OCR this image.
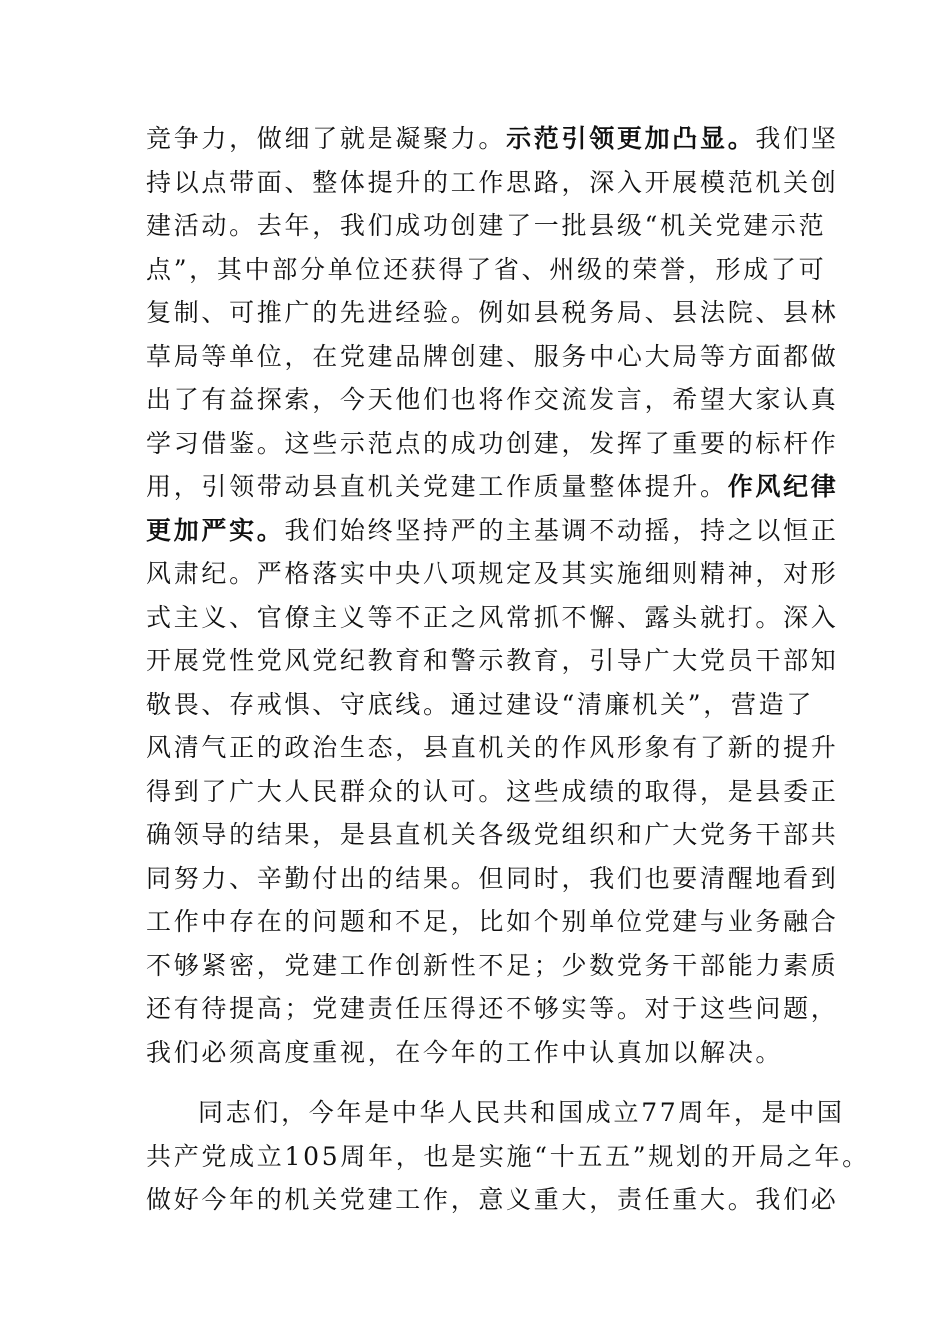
竞争力，做细了就是凝聚力。示范引领更加凸显。我们坚
持以点带面、整体提升的工作思路，深入开展模范机关创
建活动。去年，我们成功创建了一批县级“机关党建示范
点”，其中部分单位还获得了省、州级的荣誉，形成了可
复制、可推广的先进经验。例如县税务局、县法院、县林
草局等单位，在党建品牌创建、服务中心大局等方面都做
出了有益探索，今天他们也将作交流发言，希望大家认真
学习借鉴。这些示范点的成功创建，发挥了重要的标杆作
用，引领带动县直机关党建工作质量整体提升。作风纪律
更加严实。我们始终坚持严的主基调不动摇，持之以恒正
风肃纪。严格落实中央八项规定及其实施细则精神，对形
式主义、官僚主义等不正之风常抓不懈、露头就打。深入
开展党性党风党纪教育和警示教育，引导广大党员干部知
敬畏、存戒惧、守底线。通过建设“清廉机关”，营造了
风清气正的政治生态，县直机关的作风形象有了新的提升
得到了广大人民群众的认可。这些成绩的取得，是县委正
确领导的结果，是县直机关各级党组织和广大党务干部共
同努力、辛勤付出的结果。但同时，我们也要清醒地看到
工作中存在的问题和不足，比如个别单位党建与业务融合
不够紧密，党建工作创新性不足；少数党务干部能力素质
还有待提高；党建责任压得还不够实等。对于这些问题，
我们必须高度重视，在今年的工作中认真加以解决。
同志们，今年是中华人民共和国成立77周年，是中国
共产党成立105周年，也是实施“十五五”规划的开局之年。
做好今年的机关党建工作，意义重大，责任重大。我们必
